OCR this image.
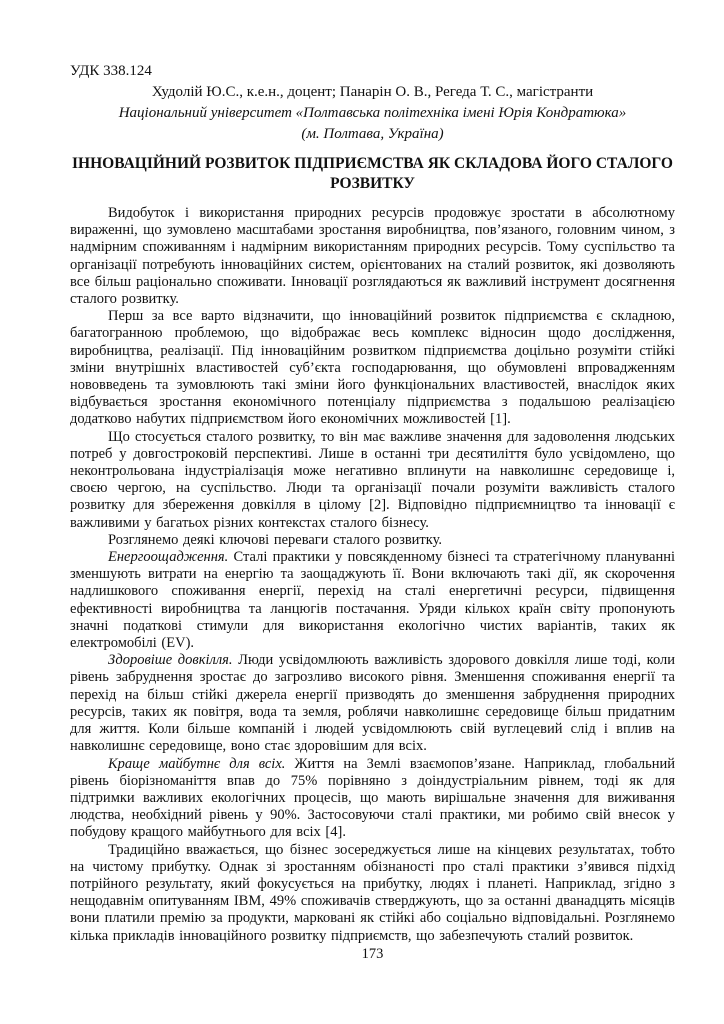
УДК 338.124
Худолій Ю.С., к.е.н., доцент; Панарін О. В., Регеда Т. С., магістранти
Національний університет «Полтавська політехніка імені Юрія Кондратюка»
(м. Полтава, Україна)
ІННОВАЦІЙНИЙ РОЗВИТОК ПІДПРИЄМСТВА ЯК СКЛАДОВА ЙОГО СТАЛОГО РОЗВИТКУ

Видобуток і використання природних ресурсів продовжує зростати в абсолютному вираженні, що зумовлено масштабами зростання виробництва, пов’язаного, головним чином, з надмірним споживанням і надмірним використанням природних ресурсів. Тому суспільство та організації потребують інноваційних систем, орієнтованих на сталий розвиток, які дозволяють все більш раціонально споживати. Інновації розглядаються як важливий інструмент досягнення сталого розвитку.

Перш за все варто відзначити, що інноваційний розвиток підприємства є складною, багатогранною проблемою, що відображає весь комплекс відносин щодо дослідження, виробництва, реалізації. Під інноваційним розвитком підприємства доцільно розуміти стійкі зміни внутрішніх властивостей суб’єкта господарювання, що обумовлені впровадженням нововведень та зумовлюють такі зміни його функціональних властивостей, внаслідок яких відбувається зростання економічного потенціалу підприємства з подальшою реалізацією додатково набутих підприємством його економічних можливостей [1].

Що стосується сталого розвитку, то він має важливе значення для задоволення людських потреб у довгостроковій перспективі. Лише в останні три десятиліття було усвідомлено, що неконтрольована індустріалізація може негативно вплинути на навколишнє середовище і, своєю чергою, на суспільство. Люди та організації почали розуміти важливість сталого розвитку для збереження довкілля в цілому [2]. Відповідно підприємництво та інновації є важливими у багатьох різних контекстах сталого бізнесу.

Розглянемо деякі ключові переваги сталого розвитку.

Енергоощадження. Сталі практики у повсякденному бізнесі та стратегічному плануванні зменшують витрати на енергію та заощаджують її. Вони включають такі дії, як скорочення надлишкового споживання енергії, перехід на сталі енергетичні ресурси, підвищення ефективності виробництва та ланцюгів постачання. Уряди кількох країн світу пропонують значні податкові стимули для використання екологічно чистих варіантів, таких як електромобілі (EV).

Здоровіше довкілля. Люди усвідомлюють важливість здорового довкілля лише тоді, коли рівень забруднення зростає до загрозливо високого рівня. Зменшення споживання енергії та перехід на більш стійкі джерела енергії призводять до зменшення забруднення природних ресурсів, таких як повітря, вода та земля, роблячи навколишнє середовище більш придатним для життя. Коли більше компаній і людей усвідомлюють свій вуглецевий слід і вплив на навколишнє середовище, воно стає здоровішим для всіх.

Краще майбутнє для всіх. Життя на Землі взаємопов’язане. Наприклад, глобальний рівень біорізноманіття впав до 75% порівняно з доіндустріальним рівнем, тоді як для підтримки важливих екологічних процесів, що мають вирішальне значення для виживання людства, необхідний рівень у 90%. Застосовуючи сталі практики, ми робимо свій внесок у побудову кращого майбутнього для всіх [4].

Традиційно вважається, що бізнес зосереджується лише на кінцевих результатах, тобто на чистому прибутку. Однак зі зростанням обізнаності про сталі практики з’явився підхід потрійного результату, який фокусується на прибутку, людях і планеті. Наприклад, згідно з нещодавнім опитуванням IBM, 49% споживачів стверджують, що за останні дванадцять місяців вони платили премію за продукти, марковані як стійкі або соціально відповідальні. Розглянемо кілька прикладів інноваційного розвитку підприємств, що забезпечують сталий розвиток.

173
